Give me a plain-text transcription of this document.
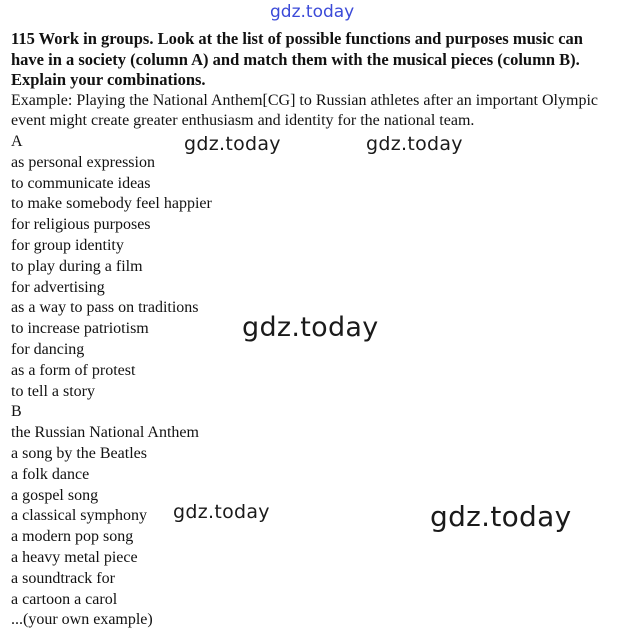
gdz.today

115 Work in groups. Look at the list of possible functions and purposes music can have in a society (column A) and match them with the musical pieces (column B). Explain your combinations.

Example: Playing the National Anthem[CG] to Russian athletes after an important Olympic event might create greater enthusiasm and identity for the national team.

A

as personal expression

to communicate ideas

to make somebody feel happier

for religious purposes

for group identity

to play during a film

for advertising

as a way to pass on traditions

to increase patriotism

for dancing

as a form of protest

to tell a story

B

the Russian National Anthem

a song by the Beatles

a folk dance

a gospel song

a classical symphony

a modern pop song

a heavy metal piece

a soundtrack for

a cartoon a carol

...(your own example)

gdz.today	gdz.today
gdz.today
gdz.today	gdz.today
